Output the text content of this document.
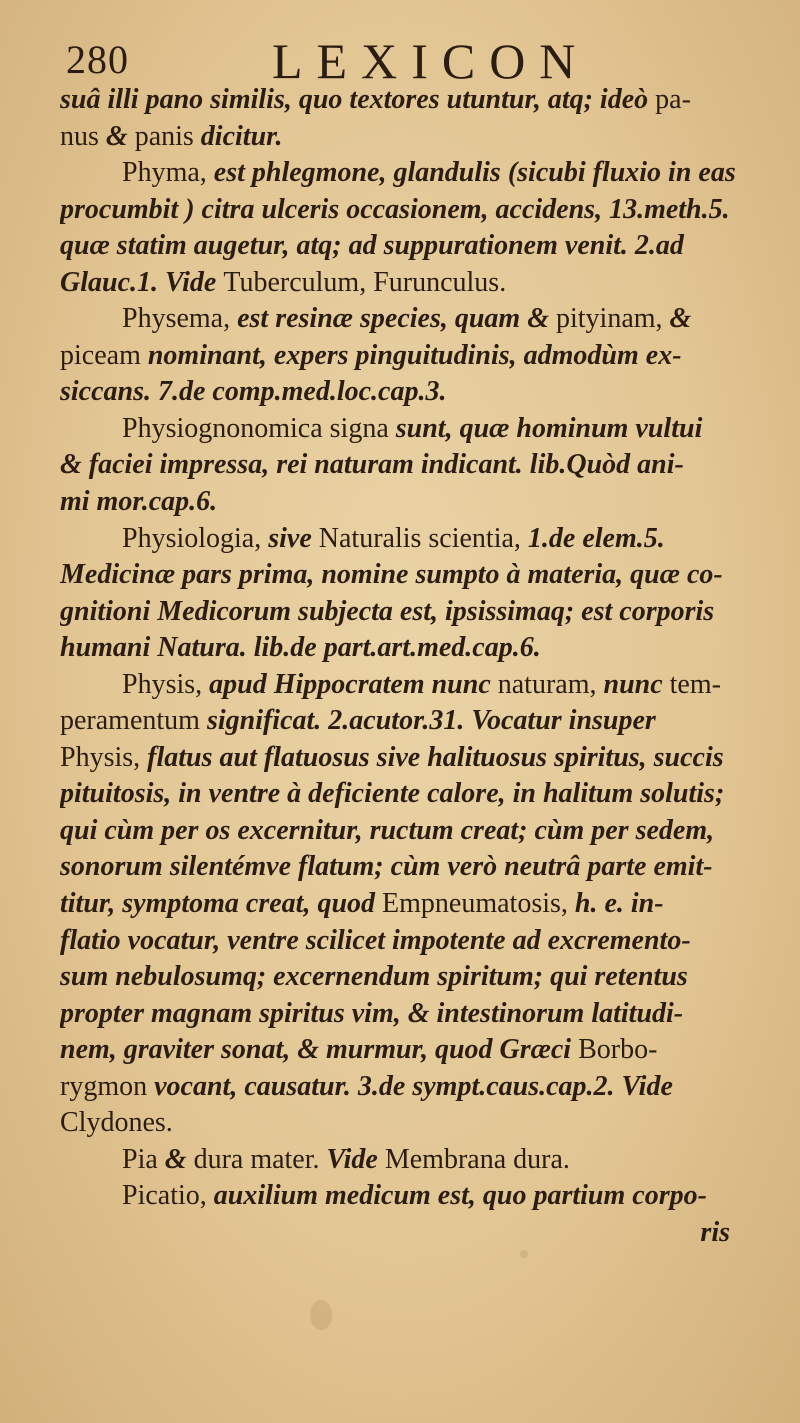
280	LEXICON
suâ illi pano similis, quo textores utuntur, atq; ideò pa-
nus & panis dicitur.
Phyma, est phlegmone, glandulis (sicubi fluxio in eas
procumbit ) citra ulceris occasionem, accidens, 13.meth.5.
quæ statim augetur, atq; ad suppurationem venit. 2.ad
Glauc.1. Vide Tuberculum, Furunculus.
Physema, est resinæ species, quam & pityinam, &
piceam nominant, expers pinguitudinis, admodùm ex-
siccans. 7.de comp.med.loc.cap.3.
Physiognonomica signa sunt, quæ hominum vultui
& faciei impressa, rei naturam indicant. lib.Quòd ani-
mi mor.cap.6.
Physiologia, sive Naturalis scientia, 1.de elem.5.
Medicinæ pars prima, nomine sumpto à materia, quæ co-
gnitioni Medicorum subjecta est, ipsissimaq; est corporis
humani Natura. lib.de part.art.med.cap.6.
Physis, apud Hippocratem nunc naturam, nunc tem-
peramentum significat. 2.acutor.31. Vocatur insuper
Physis, flatus aut flatuosus sive halituosus spiritus, succis
pituitosis, in ventre à deficiente calore, in halitum solutis;
qui cùm per os excernitur, ructum creat; cùm per sedem,
sonorum silentémve flatum; cùm verò neutrâ parte emit-
titur, symptoma creat, quod Empneumatosis, h. e. in-
flatio vocatur, ventre scilicet impotente ad excremento-
sum nebulosumq; excernendum spiritum; qui retentus
propter magnam spiritus vim, & intestinorum latitudi-
nem, graviter sonat, & murmur, quod Græci Borbo-
rygmon vocant, causatur. 3.de sympt.caus.cap.2. Vide
Clydones.
Pia & dura mater. Vide Membrana dura.
Picatio, auxilium medicum est, quo partium corpo-
ris
